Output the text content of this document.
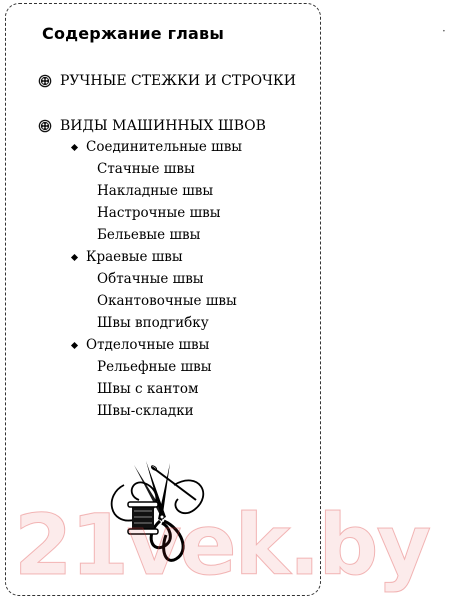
Содержание главы
РУЧНЫЕ СТЕЖКИ И СТРОЧКИ
ВИДЫ МАШИННЫХ ШВОВ
Соединительные швы
Стачные швы
Накладные швы
Настрочные швы
Бельевые швы
Краевые швы
Обтачные швы
Окантовочные швы
Швы вподгибку
Отделочные швы
Рельефные швы
Швы с кантом
Швы-складки
21vek.by
·
